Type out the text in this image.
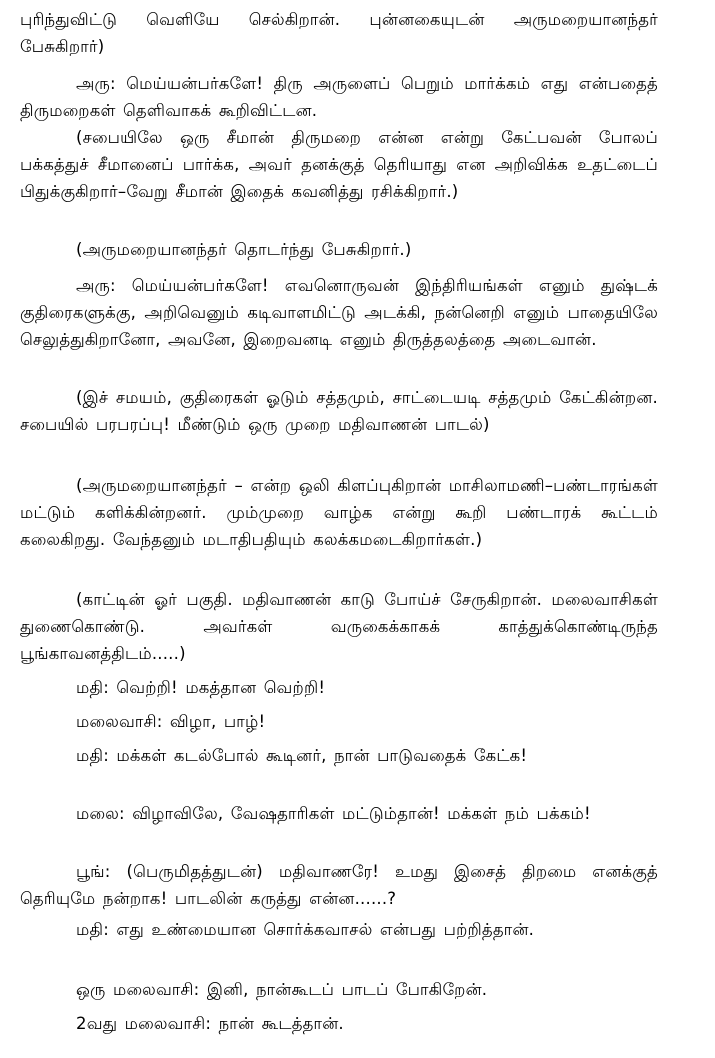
புரிந்துவிட்டு வெளியே செல்கிறான். புன்னகையுடன் அருமறையானந்தர் பேசுகிறார்)
அரு: மெய்யன்பர்களே! திரு அருளைப் பெறும் மார்க்கம் எது என்பதைத் திருமறைகள் தெளிவாகக் கூறிவிட்டன.
(சபையிலே ஒரு சீமான் திருமறை என்ன என்று கேட்பவன் போலப் பக்கத்துச் சீமானைப் பார்க்க, அவர் தனக்குத் தெரியாது என அறிவிக்க உதட்டைப் பிதுக்குகிறார்–வேறு சீமான் இதைக் கவனித்து ரசிக்கிறார்.)
(அருமறையானந்தர் தொடர்ந்து பேசுகிறார்.)
அரு: மெய்யன்பர்களே! எவனொருவன் இந்திரியங்கள் எனும் துஷ்டக் குதிரைகளுக்கு, அறிவெனும் கடிவாளமிட்டு அடக்கி, நன்னெறி எனும் பாதையிலே செலுத்துகிறானோ, அவனே, இறைவனடி எனும் திருத்தலத்தை அடைவான்.
(இச் சமயம், குதிரைகள் ஓடும் சத்தமும், சாட்டையடி சத்தமும் கேட்கின்றன. சபையில் பரபரப்பு! மீண்டும் ஒரு முறை மதிவாணன் பாடல்)
(அருமறையானந்தர் – என்ற ஒலி கிளப்புகிறான் மாசிலாமணி–பண்டாரங்கள் மட்டும் களிக்கின்றனர். மும்முறை வாழ்க என்று கூறி பண்டாரக் கூட்டம் கலைகிறது. வேந்தனும் மடாதிபதியும் கலக்கமடைகிறார்கள்.)
(காட்டின் ஓர் பகுதி. மதிவாணன் காடு போய்ச் சேருகிறான். மலைவாசிகள் துணைகொண்டு. அவர்கள் வருகைக்காகக் காத்துக்கொண்டிருந்த பூங்காவனத்திடம்.....)
மதி: வெற்றி! மகத்தான வெற்றி!
மலைவாசி: விழா, பாழ்!
மதி: மக்கள் கடல்போல் கூடினர், நான் பாடுவதைக் கேட்க!
மலை: விழாவிலே, வேஷதாரிகள் மட்டும்தான்! மக்கள் நம் பக்கம்!
பூங்: (பெருமிதத்துடன்) மதிவாணரே! உமது இசைத் திறமை எனக்குத் தெரியுமே நன்றாக! பாடலின் கருத்து என்ன......?
மதி: எது உண்மையான சொர்க்கவாசல் என்பது பற்றித்தான்.
ஒரு மலைவாசி: இனி, நான்கூடப் பாடப் போகிறேன்.
2வது மலைவாசி: நான் கூடத்தான்.
